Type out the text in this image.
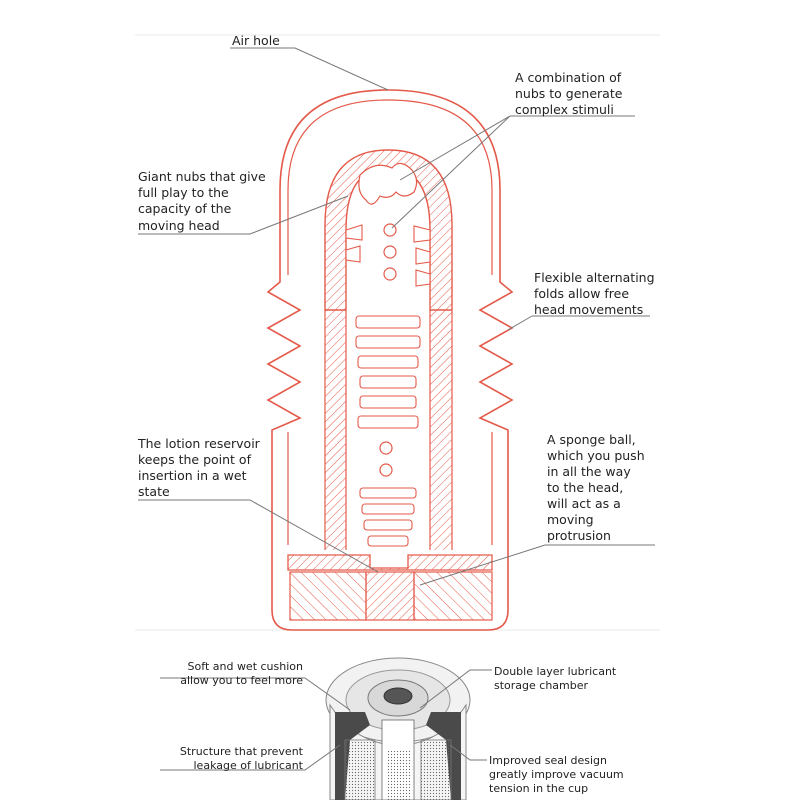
Air hole
A combination of
nubs to generate
complex stimuli
Giant nubs that give
full play to the
capacity of the
moving head
Flexible alternating
folds allow free
head movements
The lotion reservoir
keeps the point of
insertion in a wet
state
A sponge ball,
which you push
in all the way
to the head,
will act as a
moving
protrusion
Soft and wet cushion
allow you to feel more
Double layer lubricant
storage chamber
Structure that prevent
leakage of lubricant	Improved seal design
greatly improve vacuum
tension in the cup
